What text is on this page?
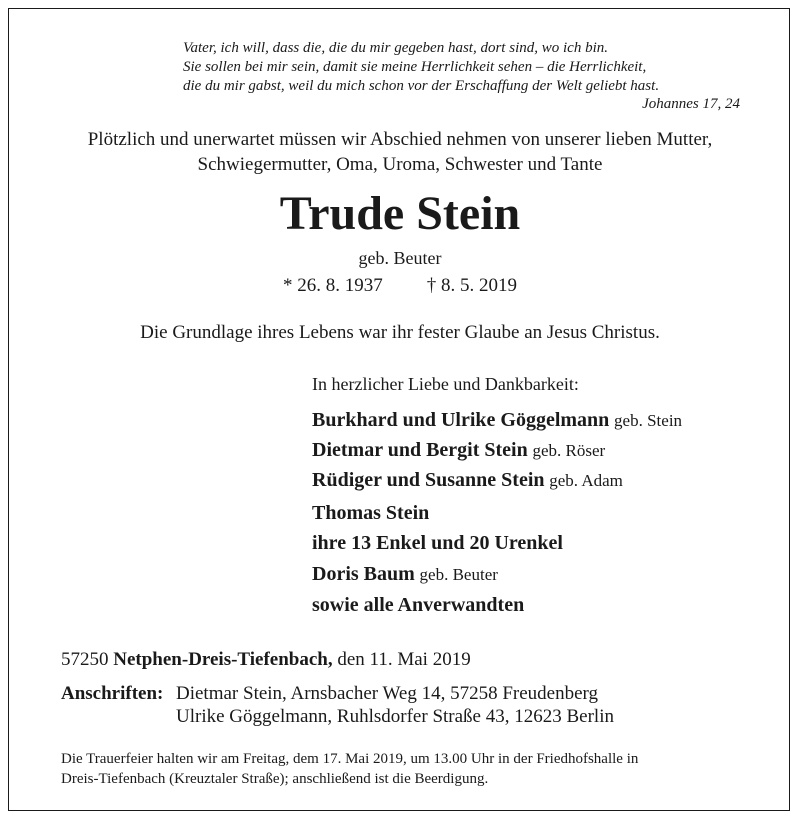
Vater, ich will, dass die, die du mir gegeben hast, dort sind, wo ich bin.
Sie sollen bei mir sein, damit sie meine Herrlichkeit sehen – die Herrlichkeit,
die du mir gabst, weil du mich schon vor der Erschaffung der Welt geliebt hast.
Johannes 17, 24
Plötzlich und unerwartet müssen wir Abschied nehmen von unserer lieben Mutter,
Schwiegermutter, Oma, Uroma, Schwester und Tante
Trude Stein
geb. Beuter
* 26. 8. 1937 † 8. 5. 2019
Die Grundlage ihres Lebens war ihr fester Glaube an Jesus Christus.
In herzlicher Liebe und Dankbarkeit:
Burkhard und Ulrike Göggelmann geb. Stein
Dietmar und Bergit Stein geb. Röser
Rüdiger und Susanne Stein geb. Adam
Thomas Stein
ihre 13 Enkel und 20 Urenkel
Doris Baum geb. Beuter
sowie alle Anverwandten
57250 Netphen-Dreis-Tiefenbach, den 11. Mai 2019
Anschriften: Dietmar Stein, Arnsbacher Weg 14, 57258 Freudenberg
Ulrike Göggelmann, Ruhlsdorfer Straße 43, 12623 Berlin
Die Trauerfeier halten wir am Freitag, dem 17. Mai 2019, um 13.00 Uhr in der Friedhofshalle in
Dreis-Tiefenbach (Kreuztaler Straße); anschließend ist die Beerdigung.
